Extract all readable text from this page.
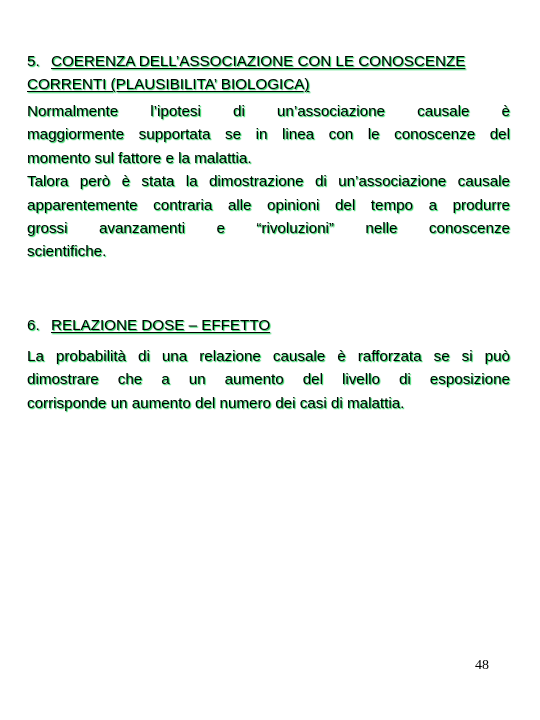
5. COERENZA DELL’ASSOCIAZIONE CON LE CONOSCENZE
CORRENTI (PLAUSIBILITA’ BIOLOGICA)

Normalmente l’ipotesi di un’associazione causale è
maggiormente supportata se in linea con le conoscenze del
momento sul fattore e la malattia.

Talora però è stata la dimostrazione di un’associazione causale
apparentemente contraria alle opinioni del tempo a produrre
grossi avanzamenti e “rivoluzioni” nelle conoscenze
scientifiche.

6. RELAZIONE DOSE – EFFETTO

La probabilità di una relazione causale è rafforzata se si può
dimostrare che a un aumento del livello di esposizione
corrisponde un aumento del numero dei casi di malattia.

48
